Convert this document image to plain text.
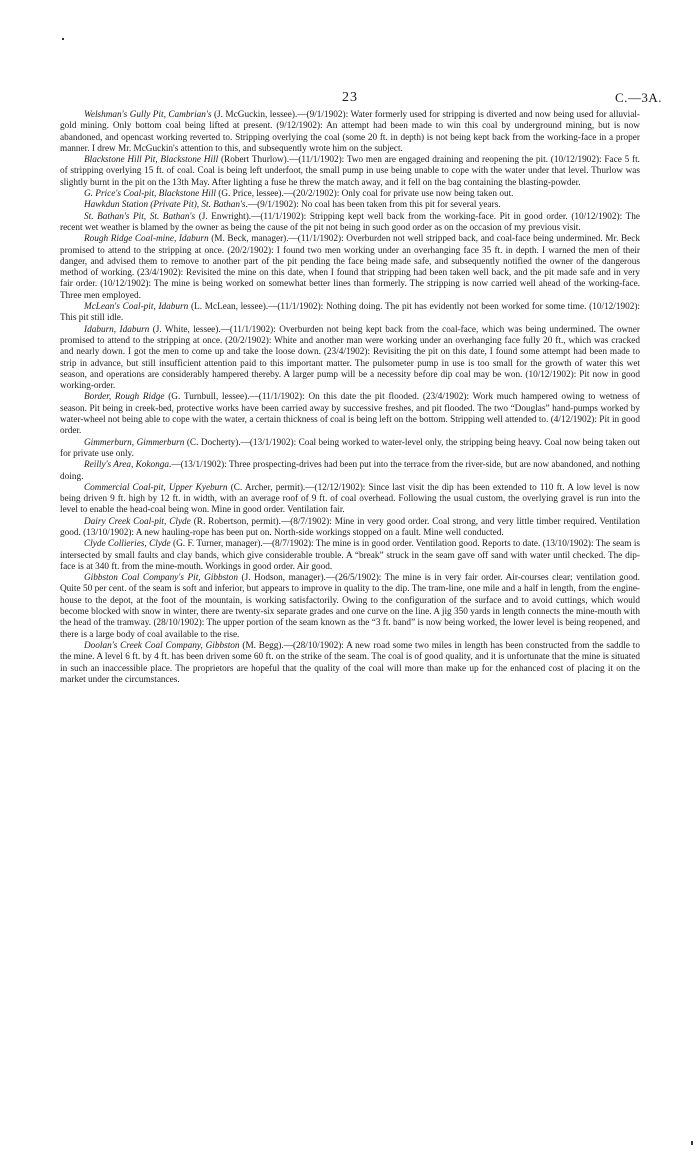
23	C.—3A.

Welshman's Gully Pit, Cambrian's (J. McGuckin, lessee).—(9/1/1902): Water formerly used for stripping is diverted and now being used for alluvial-gold mining. Only bottom coal being lifted at present. (9/12/1902): An attempt had been made to win this coal by underground mining, but is now abandoned, and opencast working reverted to. Stripping overlying the coal (some 20 ft. in depth) is not being kept back from the working-face in a proper manner. I drew Mr. McGuckin's attention to this, and subsequently wrote him on the subject.

Blackstone Hill Pit, Blackstone Hill (Robert Thurlow).—(11/1/1902): Two men are engaged draining and reopening the pit. (10/12/1902): Face 5 ft. of stripping overlying 15 ft. of coal. Coal is being left underfoot, the small pump in use being unable to cope with the water under that level. Thurlow was slightly burnt in the pit on the 13th May. After lighting a fuse he threw the match away, and it fell on the bag containing the blasting-powder.

G. Price's Coal-pit, Blackstone Hill (G. Price, lessee).—(20/2/1902): Only coal for private use now being taken out.

Hawkdun Station (Private Pit), St. Bathan's.—(9/1/1902): No coal has been taken from this pit for several years.

St. Bathan's Pit, St. Bathan's (J. Enwright).—(11/1/1902): Stripping kept well back from the working-face. Pit in good order. (10/12/1902): The recent wet weather is blamed by the owner as being the cause of the pit not being in such good order as on the occasion of my previous visit.

Rough Ridge Coal-mine, Idaburn (M. Beck, manager).—(11/1/1902): Overburden not well stripped back, and coal-face being undermined. Mr. Beck promised to attend to the stripping at once. (20/2/1902): I found two men working under an overhanging face 35 ft. in depth. I warned the men of their danger, and advised them to remove to another part of the pit pending the face being made safe, and subsequently notified the owner of the dangerous method of working. (23/4/1902): Revisited the mine on this date, when I found that stripping had been taken well back, and the pit made safe and in very fair order. (10/12/1902): The mine is being worked on somewhat better lines than formerly. The stripping is now carried well ahead of the working-face. Three men employed.

McLean's Coal-pit, Idaburn (L. McLean, lessee).—(11/1/1902): Nothing doing. The pit has evidently not been worked for some time. (10/12/1902): This pit still idle.

Idaburn, Idaburn (J. White, lessee).—(11/1/1902): Overburden not being kept back from the coal-face, which was being undermined. The owner promised to attend to the stripping at once. (20/2/1902): White and another man were working under an overhanging face fully 20 ft., which was cracked and nearly down. I got the men to come up and take the loose down. (23/4/1902): Revisiting the pit on this date, I found some attempt had been made to strip in advance, but still insufficient attention paid to this important matter. The pulsometer pump in use is too small for the growth of water this wet season, and operations are considerably hampered thereby. A larger pump will be a necessity before dip coal may be won. (10/12/1902): Pit now in good working-order.

Border, Rough Ridge (G. Turnbull, lessee).—(11/1/1902): On this date the pit flooded. (23/4/1902): Work much hampered owing to wetness of season. Pit being in creek-bed, protective works have been carried away by successive freshes, and pit flooded. The two “Douglas” hand-pumps worked by water-wheel not being able to cope with the water, a certain thickness of coal is being left on the bottom. Stripping well attended to. (4/12/1902): Pit in good order.

Gimmerburn, Gimmerburn (C. Docherty).—(13/1/1902): Coal being worked to water-level only, the stripping being heavy. Coal now being taken out for private use only.

Reilly's Area, Kokonga.—(13/1/1902): Three prospecting-drives had been put into the terrace from the river-side, but are now abandoned, and nothing doing.

Commercial Coal-pit, Upper Kyeburn (C. Archer, permit).—(12/12/1902): Since last visit the dip has been extended to 110 ft. A low level is now being driven 9 ft. high by 12 ft. in width, with an average roof of 9 ft. of coal overhead. Following the usual custom, the overlying gravel is run into the level to enable the head-coal being won. Mine in good order. Ventilation fair.

Dairy Creek Coal-pit, Clyde (R. Robertson, permit).—(8/7/1902): Mine in very good order. Coal strong, and very little timber required. Ventilation good. (13/10/1902): A new hauling-rope has been put on. North-side workings stopped on a fault. Mine well conducted.

Clyde Collieries, Clyde (G. F. Turner, manager).—(8/7/1902): The mine is in good order. Ventilation good. Reports to date. (13/10/1902): The seam is intersected by small faults and clay bands, which give considerable trouble. A “break” struck in the seam gave off sand with water until checked. The dip-face is at 340 ft. from the mine-mouth. Workings in good order. Air good.

Gibbston Coal Company's Pit, Gibbston (J. Hodson, manager).—(26/5/1902): The mine is in very fair order. Air-courses clear; ventilation good. Quite 50 per cent. of the seam is soft and inferior, but appears to improve in quality to the dip. The tram-line, one mile and a half in length, from the engine-house to the depot, at the foot of the mountain, is working satisfactorily. Owing to the configuration of the surface and to avoid cuttings, which would become blocked with snow in winter, there are twenty-six separate grades and one curve on the line. A jig 350 yards in length connects the mine-mouth with the head of the tramway. (28/10/1902): The upper portion of the seam known as the “3 ft. band” is now being worked, the lower level is being reopened, and there is a large body of coal available to the rise.

Doolan's Creek Coal Company, Gibbston (M. Begg).—(28/10/1902): A new road some two miles in length has been constructed from the saddle to the mine. A level 6 ft. by 4 ft. has been driven some 60 ft. on the strike of the seam. The coal is of good quality, and it is unfortunate that the mine is situated in such an inaccessible place. The proprietors are hopeful that the quality of the coal will more than make up for the enhanced cost of placing it on the market under the circumstances.
